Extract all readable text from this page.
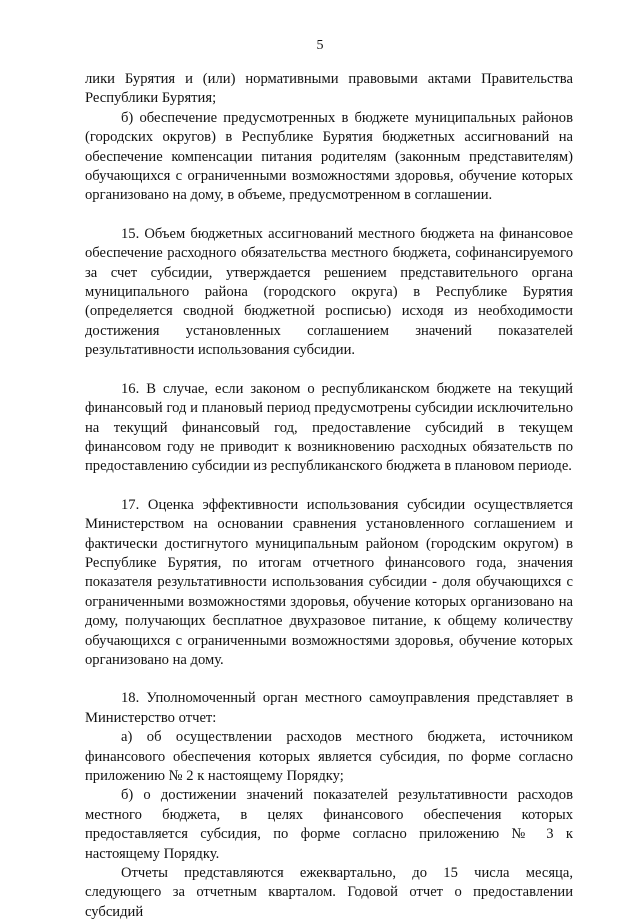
5

лики Бурятия и (или) нормативными правовыми актами Правительства Республики Бурятия;

б) обеспечение предусмотренных в бюджете муниципальных районов (городских округов) в Республике Бурятия бюджетных ассигнований на обеспечение компенсации питания родителям (законным представителям) обучающихся с ограниченными возможностями здоровья, обучение которых организовано на дому, в объеме, предусмотренном в соглашении.

15. Объем бюджетных ассигнований местного бюджета на финансовое обеспечение расходного обязательства местного бюджета, софинансируемого за счет субсидии, утверждается решением представительного органа муниципального района (городского округа) в Республике Бурятия (определяется сводной бюджетной росписью) исходя из необходимости достижения установленных соглашением значений показателей результативности использования субсидии.

16. В случае, если законом о республиканском бюджете на текущий финансовый год и плановый период предусмотрены субсидии исключительно на текущий финансовый год, предоставление субсидий в текущем финансовом году не приводит к возникновению расходных обязательств по предоставлению субсидии из республиканского бюджета в плановом периоде.

17. Оценка эффективности использования субсидии осуществляется Министерством на основании сравнения установленного соглашением и фактически достигнутого муниципальным районом (городским округом) в Республике Бурятия, по итогам отчетного финансового года, значения показателя результативности использования субсидии - доля обучающихся с ограниченными возможностями здоровья, обучение которых организовано на дому, получающих бесплатное двухразовое питание, к общему количеству обучающихся с ограниченными возможностями здоровья, обучение которых организовано на дому.

18. Уполномоченный орган местного самоуправления представляет в Министерство отчет:

а) об осуществлении расходов местного бюджета, источником финансового обеспечения которых является субсидия, по форме согласно приложению № 2 к настоящему Порядку;

б) о достижении значений показателей результативности расходов местного бюджета, в целях финансового обеспечения которых предоставляется субсидия, по форме согласно приложению № 3 к настоящему Порядку.

Отчеты представляются ежеквартально, до 15 числа месяца, следующего за отчетным кварталом. Годовой отчет о предоставлении субсидий
